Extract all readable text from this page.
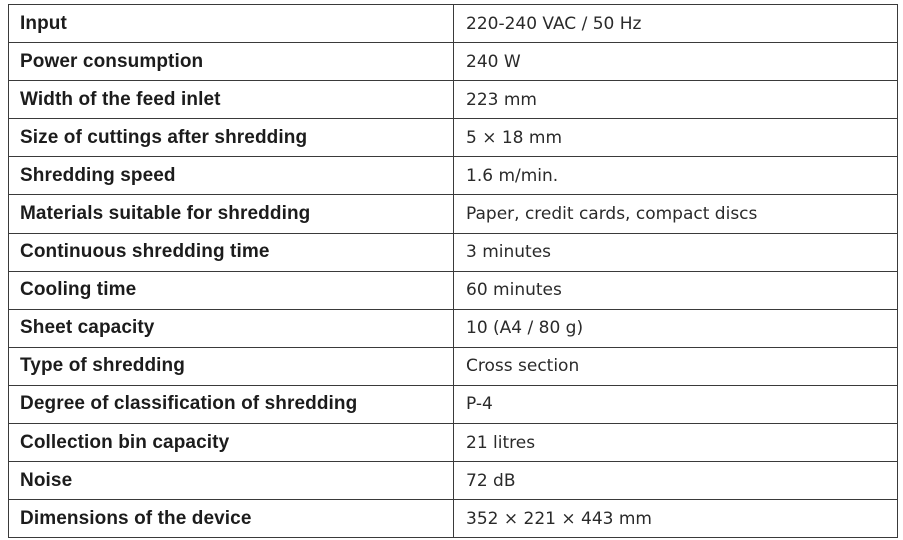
Input	220-240 VAC / 50 Hz
Power consumption	240 W
Width of the feed inlet	223 mm
Size of cuttings after shredding	5 × 18 mm
Shredding speed	1.6 m/min.
Materials suitable for shredding	Paper, credit cards, compact discs
Continuous shredding time	3 minutes
Cooling time	60 minutes
Sheet capacity	10 (A4 / 80 g)
Type of shredding	Cross section
Degree of classification of shredding	P-4
Collection bin capacity	21 litres
Noise	72 dB
Dimensions of the device	352 × 221 × 443 mm
